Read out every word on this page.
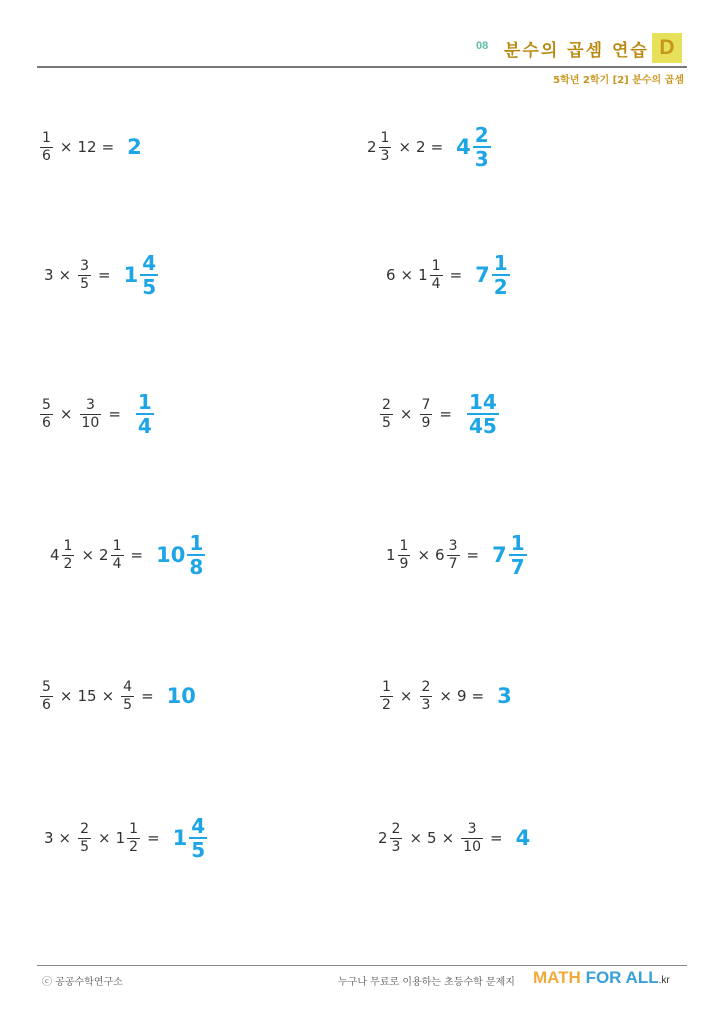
08 분수의 곱셈 연습 D
5학년 2학기 [2] 분수의 곱셈
$\frac{1}{6} \times 12 = 2$	$2 \frac{1}{3} \times 2 = 4 \frac{2}{3}$
$3 \times \frac{3}{5} = 1 \frac{4}{5}$	$6 \times 1 \frac{1}{4} = 7 \frac{1}{2}$
$\frac{5}{6} \times \frac{3}{10} = \frac{1}{4}$	$\frac{2}{5} \times \frac{7}{9} = \frac{14}{45}$
$4 \frac{1}{2} \times 2 \frac{1}{4} = 10 \frac{1}{8}$	$1 \frac{1}{9} \times 6 \frac{3}{7} = 7 \frac{1}{7}$
$\frac{5}{6} \times 15 \times \frac{4}{5} = 10$	$\frac{1}{2} \times \frac{2}{3} \times 9 = 3$
$3 \times \frac{2}{5} \times 1 \frac{1}{2} = 1 \frac{4}{5}$	$2 \frac{2}{3} \times 5 \times \frac{3}{10} = 4$
ⓒ 공공수학연구소	누구나 무료로 이용하는 초등수학 문제지 MATH FOR ALL.kr
